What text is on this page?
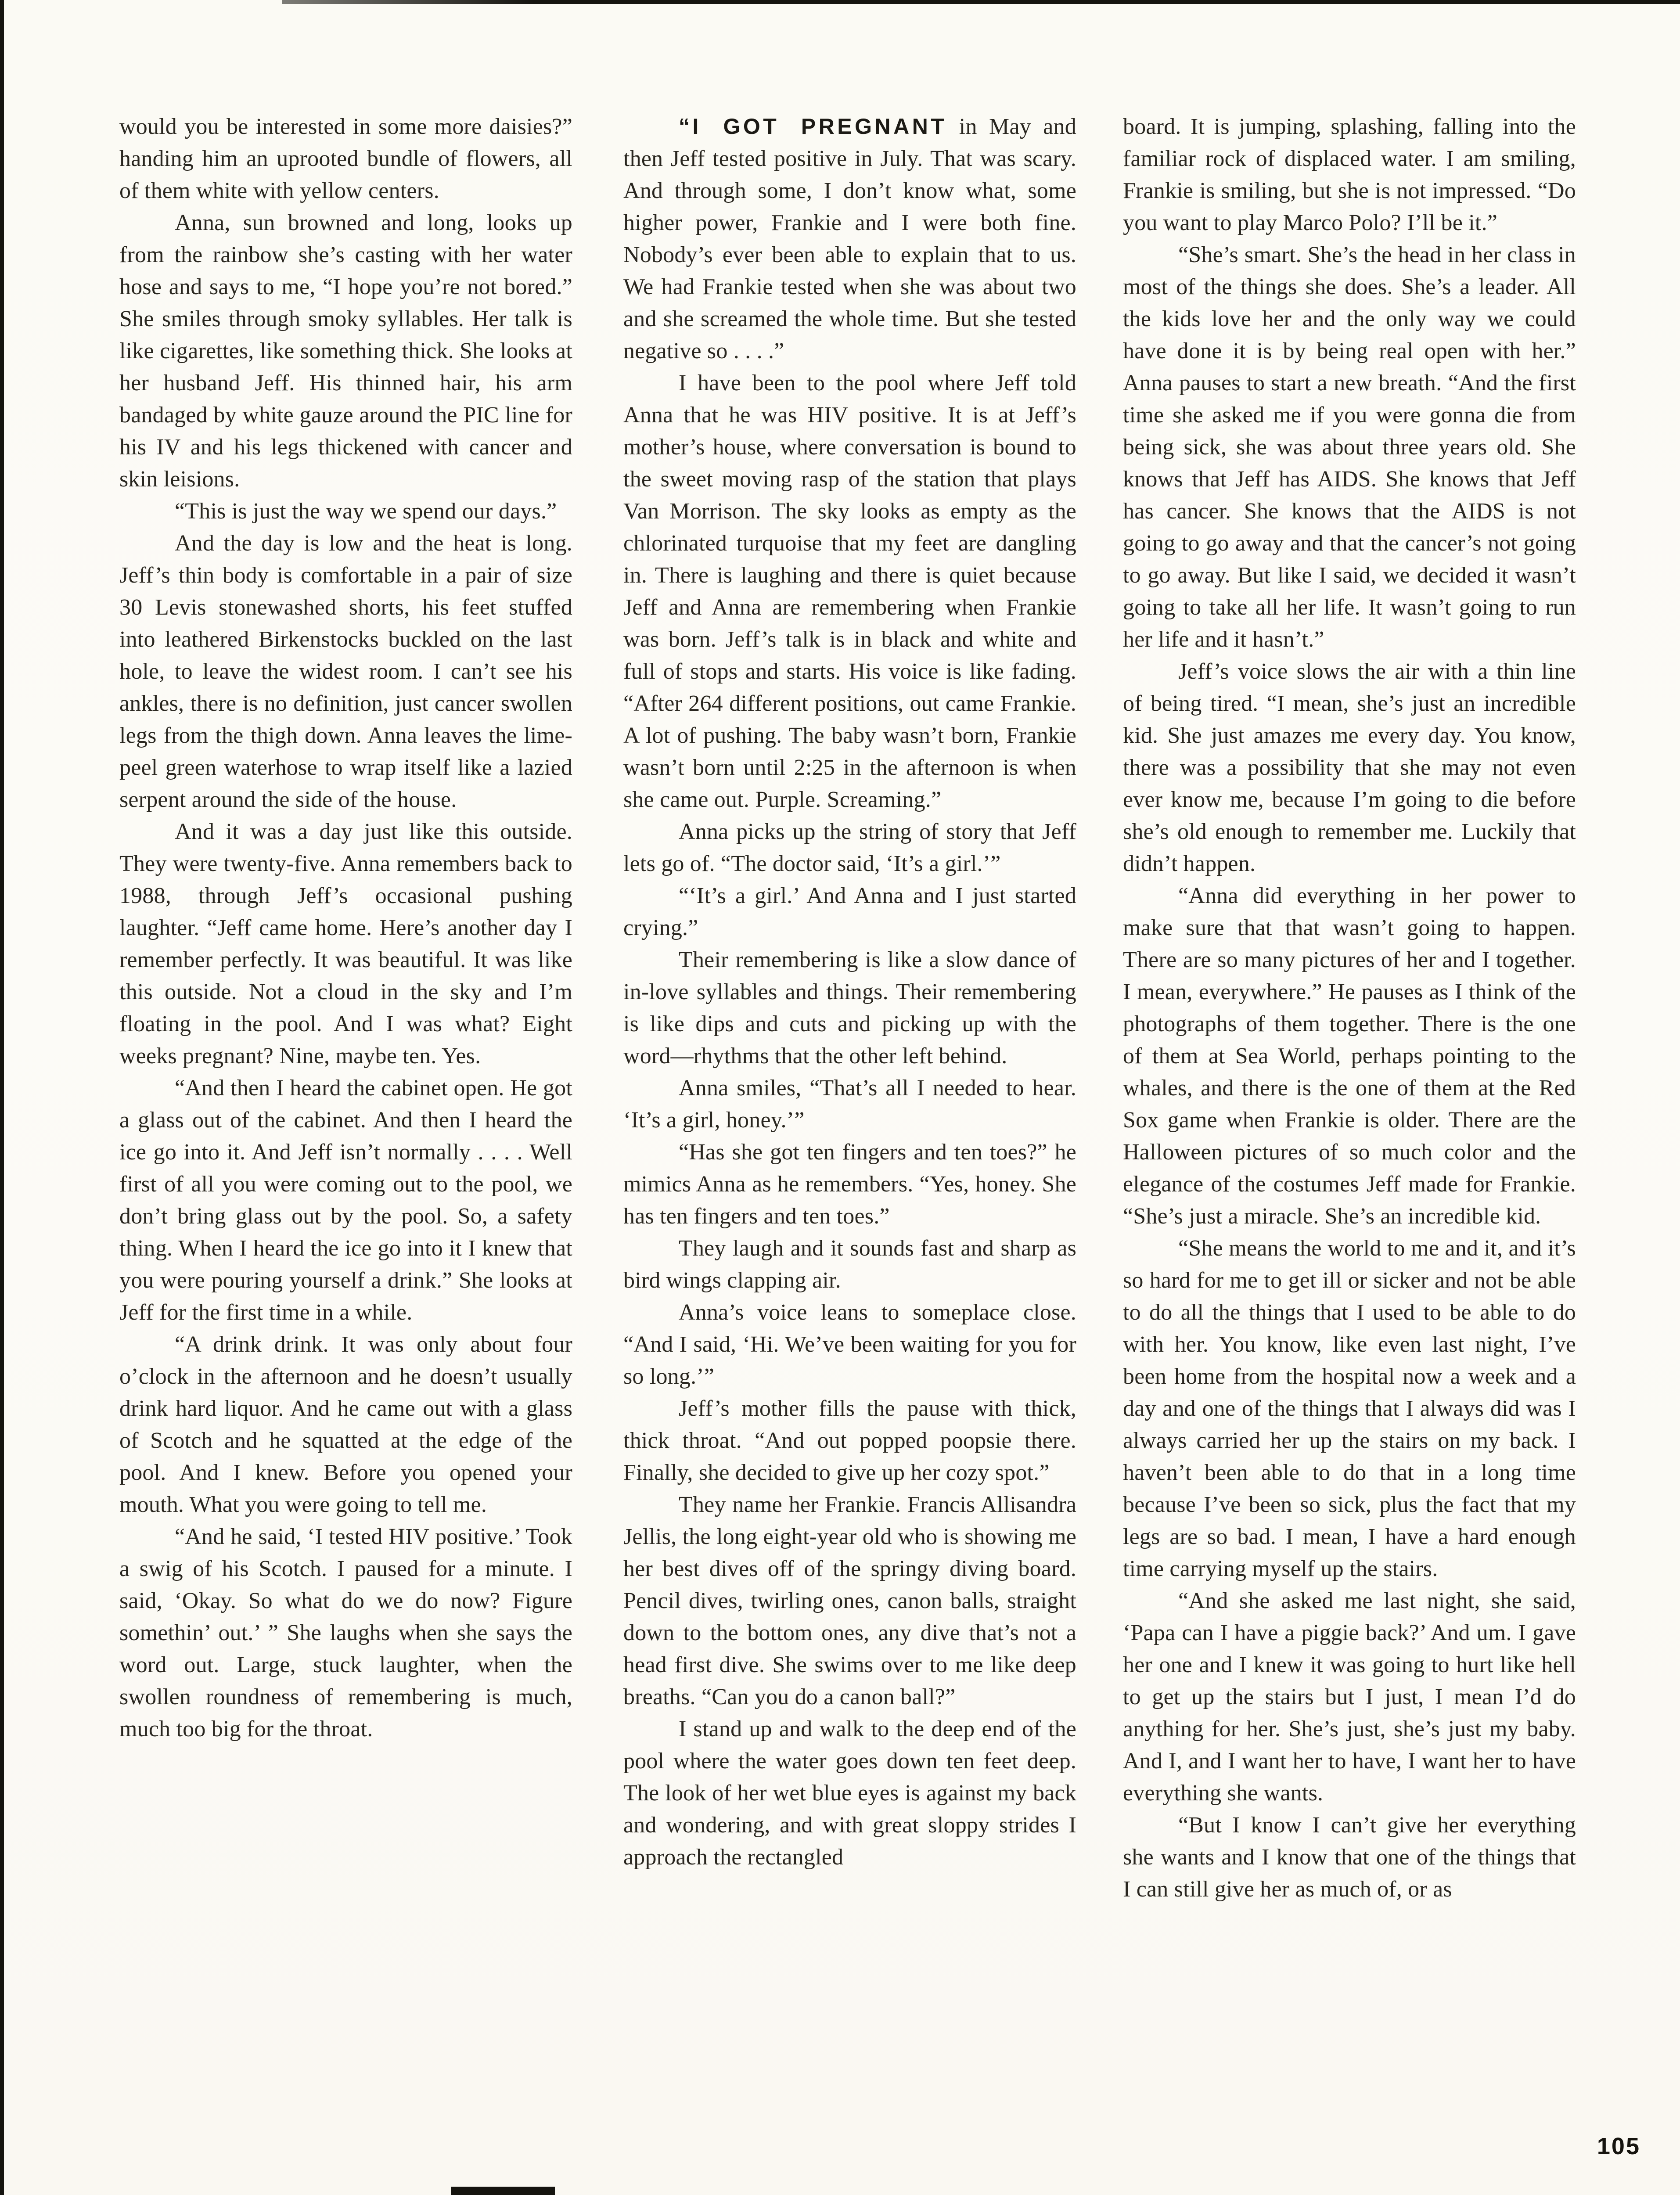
would you be interested in some more daisies?” handing him an uprooted bundle of flowers, all of them white with yellow centers.

Anna, sun browned and long, looks up from the rainbow she’s casting with her water hose and says to me, “I hope you’re not bored.” She smiles through smoky syllables. Her talk is like cigarettes, like something thick. She looks at her husband Jeff. His thinned hair, his arm bandaged by white gauze around the PIC line for his IV and his legs thickened with cancer and skin leisions.

“This is just the way we spend our days.”

And the day is low and the heat is long. Jeff’s thin body is comfortable in a pair of size 30 Levis stonewashed shorts, his feet stuffed into leathered Birkenstocks buckled on the last hole, to leave the widest room. I can’t see his ankles, there is no definition, just cancer swollen legs from the thigh down. Anna leaves the lime-peel green waterhose to wrap itself like a lazied serpent around the side of the house.

And it was a day just like this outside. They were twenty-five. Anna remembers back to 1988, through Jeff’s occasional pushing laughter. “Jeff came home. Here’s another day I remember perfectly. It was beautiful. It was like this outside. Not a cloud in the sky and I’m floating in the pool. And I was what? Eight weeks pregnant? Nine, maybe ten. Yes.

“And then I heard the cabinet open. He got a glass out of the cabinet. And then I heard the ice go into it. And Jeff isn’t normally . . . . Well first of all you were coming out to the pool, we don’t bring glass out by the pool. So, a safety thing. When I heard the ice go into it I knew that you were pouring yourself a drink.” She looks at Jeff for the first time in a while.

“A drink drink. It was only about four o’clock in the afternoon and he doesn’t usually drink hard liquor. And he came out with a glass of Scotch and he squatted at the edge of the pool. And I knew. Before you opened your mouth. What you were going to tell me.

“And he said, ‘I tested HIV positive.’ Took a swig of his Scotch. I paused for a minute. I said, ‘Okay. So what do we do now? Figure somethin’ out.’ ” She laughs when she says the word out. Large, stuck laughter, when the swollen roundness of remembering is much, much too big for the throat.

“I GOT PREGNANT in May and then Jeff tested positive in July. That was scary. And through some, I don’t know what, some higher power, Frankie and I were both fine. Nobody’s ever been able to explain that to us. We had Frankie tested when she was about two and she screamed the whole time. But she tested negative so . . . .”

I have been to the pool where Jeff told Anna that he was HIV positive. It is at Jeff’s mother’s house, where conversation is bound to the sweet moving rasp of the station that plays Van Morrison. The sky looks as empty as the chlorinated turquoise that my feet are dangling in. There is laughing and there is quiet because Jeff and Anna are remembering when Frankie was born. Jeff’s talk is in black and white and full of stops and starts. His voice is like fading. “After 264 different positions, out came Frankie. A lot of pushing. The baby wasn’t born, Frankie wasn’t born until 2:25 in the afternoon is when she came out. Purple. Screaming.”

Anna picks up the string of story that Jeff lets go of. “The doctor said, ‘It’s a girl.’”

“‘It’s a girl.’ And Anna and I just started crying.”

Their remembering is like a slow dance of in-love syllables and things. Their remembering is like dips and cuts and picking up with the word—rhythms that the other left behind.

Anna smiles, “That’s all I needed to hear. ‘It’s a girl, honey.’”

“Has she got ten fingers and ten toes?” he mimics Anna as he remembers. “Yes, honey. She has ten fingers and ten toes.”

They laugh and it sounds fast and sharp as bird wings clapping air.

Anna’s voice leans to someplace close. “And I said, ‘Hi. We’ve been waiting for you for so long.’”

Jeff’s mother fills the pause with thick, thick throat. “And out popped poopsie there. Finally, she decided to give up her cozy spot.”

They name her Frankie. Francis Allisandra Jellis, the long eight-year old who is showing me her best dives off of the springy diving board. Pencil dives, twirling ones, canon balls, straight down to the bottom ones, any dive that’s not a head first dive. She swims over to me like deep breaths. “Can you do a canon ball?”

I stand up and walk to the deep end of the pool where the water goes down ten feet deep. The look of her wet blue eyes is against my back and wondering, and with great sloppy strides I approach the rectangled

board. It is jumping, splashing, falling into the familiar rock of displaced water. I am smiling, Frankie is smiling, but she is not impressed. “Do you want to play Marco Polo? I’ll be it.”

“She’s smart. She’s the head in her class in most of the things she does. She’s a leader. All the kids love her and the only way we could have done it is by being real open with her.” Anna pauses to start a new breath. “And the first time she asked me if you were gonna die from being sick, she was about three years old. She knows that Jeff has AIDS. She knows that Jeff has cancer. She knows that the AIDS is not going to go away and that the cancer’s not going to go away. But like I said, we decided it wasn’t going to take all her life. It wasn’t going to run her life and it hasn’t.”

Jeff’s voice slows the air with a thin line of being tired. “I mean, she’s just an incredible kid. She just amazes me every day. You know, there was a possibility that she may not even ever know me, because I’m going to die before she’s old enough to remember me. Luckily that didn’t happen.

“Anna did everything in her power to make sure that that wasn’t going to happen. There are so many pictures of her and I together. I mean, everywhere.” He pauses as I think of the photographs of them together. There is the one of them at Sea World, perhaps pointing to the whales, and there is the one of them at the Red Sox game when Frankie is older. There are the Halloween pictures of so much color and the elegance of the costumes Jeff made for Frankie. “She’s just a miracle. She’s an incredible kid.

“She means the world to me and it, and it’s so hard for me to get ill or sicker and not be able to do all the things that I used to be able to do with her. You know, like even last night, I’ve been home from the hospital now a week and a day and one of the things that I always did was I always carried her up the stairs on my back. I haven’t been able to do that in a long time because I’ve been so sick, plus the fact that my legs are so bad. I mean, I have a hard enough time carrying myself up the stairs.

“And she asked me last night, she said, ‘Papa can I have a piggie back?’ And um. I gave her one and I knew it was going to hurt like hell to get up the stairs but I just, I mean I’d do anything for her. She’s just, she’s just my baby. And I, and I want her to have, I want her to have everything she wants.

“But I know I can’t give her everything she wants and I know that one of the things that I can still give her as much of, or as

105
